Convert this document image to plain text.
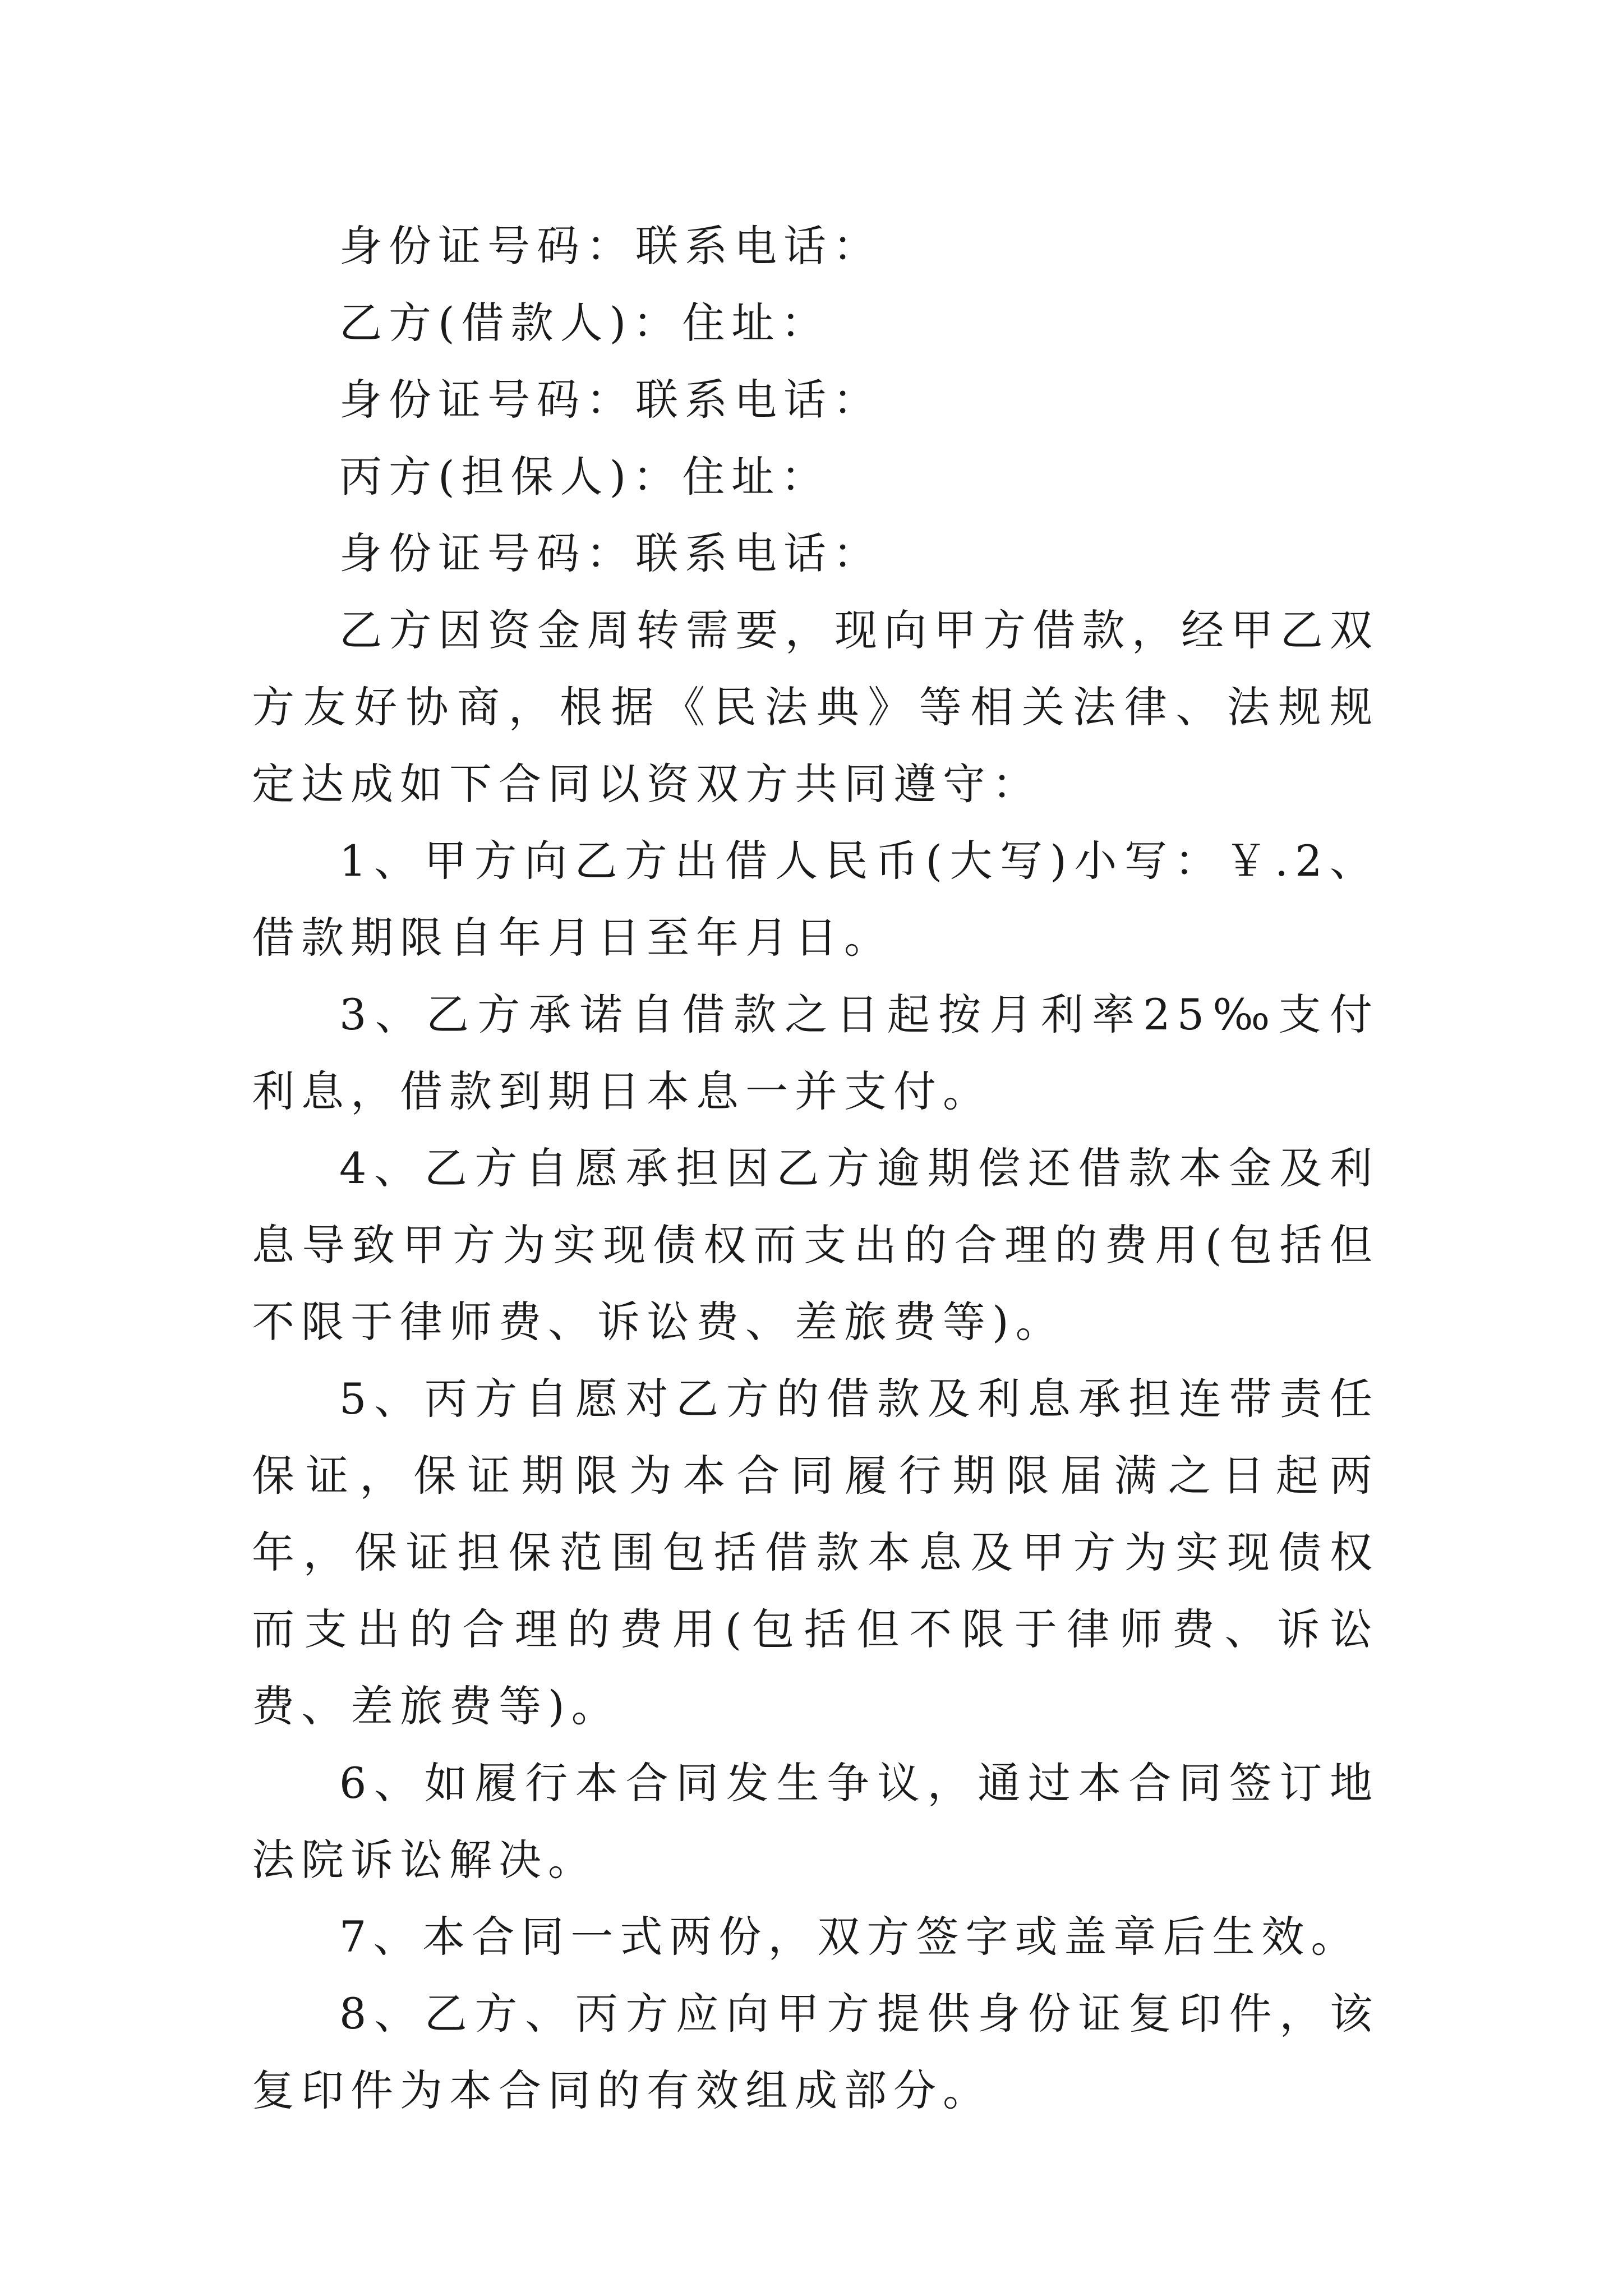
身份证号码：联系电话：
乙方(借款人)：住址：
身份证号码：联系电话：
丙方(担保人)：住址：
身份证号码：联系电话：
乙方因资金周转需要，现向甲方借款，经甲乙双方友好协商，根据《民法典》等相关法律、法规规定达成如下合同以资双方共同遵守：
1、甲方向乙方出借人民币(大写)小写：￥.2、借款期限自年月日至年月日。
3、乙方承诺自借款之日起按月利率25‰支付利息，借款到期日本息一并支付。
4、乙方自愿承担因乙方逾期偿还借款本金及利息导致甲方为实现债权而支出的合理的费用(包括但不限于律师费、诉讼费、差旅费等)。
5、丙方自愿对乙方的借款及利息承担连带责任保证，保证期限为本合同履行期限届满之日起两年，保证担保范围包括借款本息及甲方为实现债权而支出的合理的费用(包括但不限于律师费、诉讼费、差旅费等)。
6、如履行本合同发生争议，通过本合同签订地法院诉讼解决。
7、本合同一式两份，双方签字或盖章后生效。
8、乙方、丙方应向甲方提供身份证复印件，该复印件为本合同的有效组成部分。
